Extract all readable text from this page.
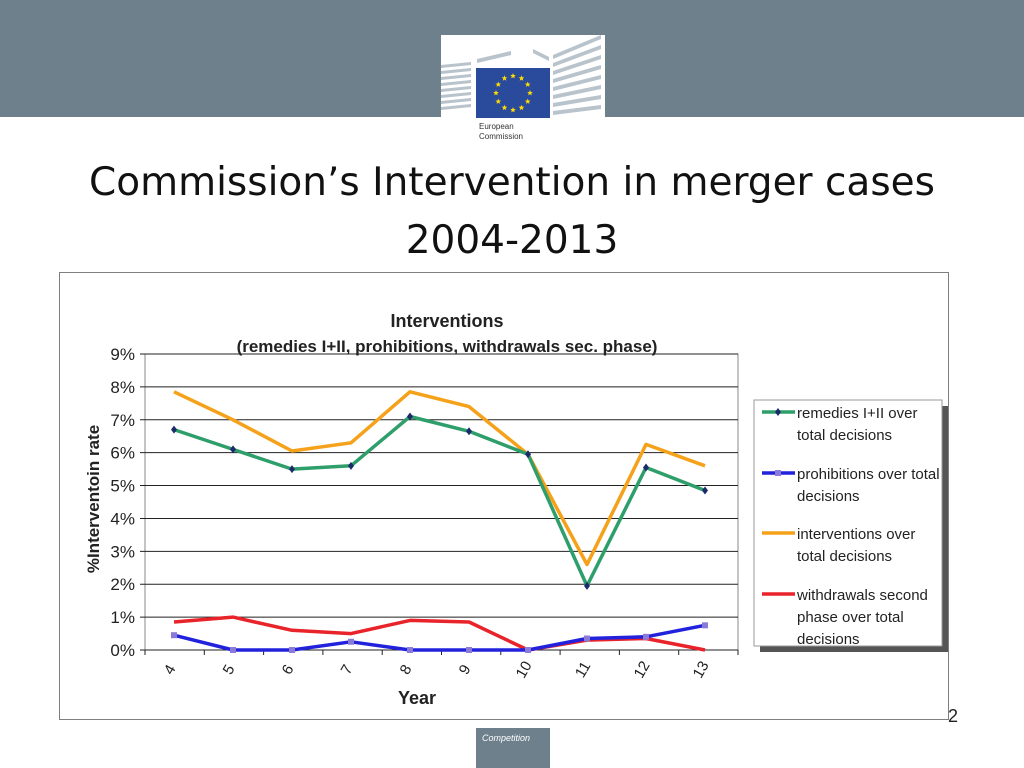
European
Commission
Commission’s Intervention in merger cases
2004-2013
Interventions
(remedies I+II, prohibitions, withdrawals sec. phase)
0%
1%
2%
3%
4%
5%
6%
7%
8%
9%
4	5	6	7	8	9	10 11 12 13
%Interventoin rate
Year
remedies I+II over
total decisions
prohibitions over total
decisions
interventions over
total decisions
withdrawals second
phase over total
decisions
2
Competition
